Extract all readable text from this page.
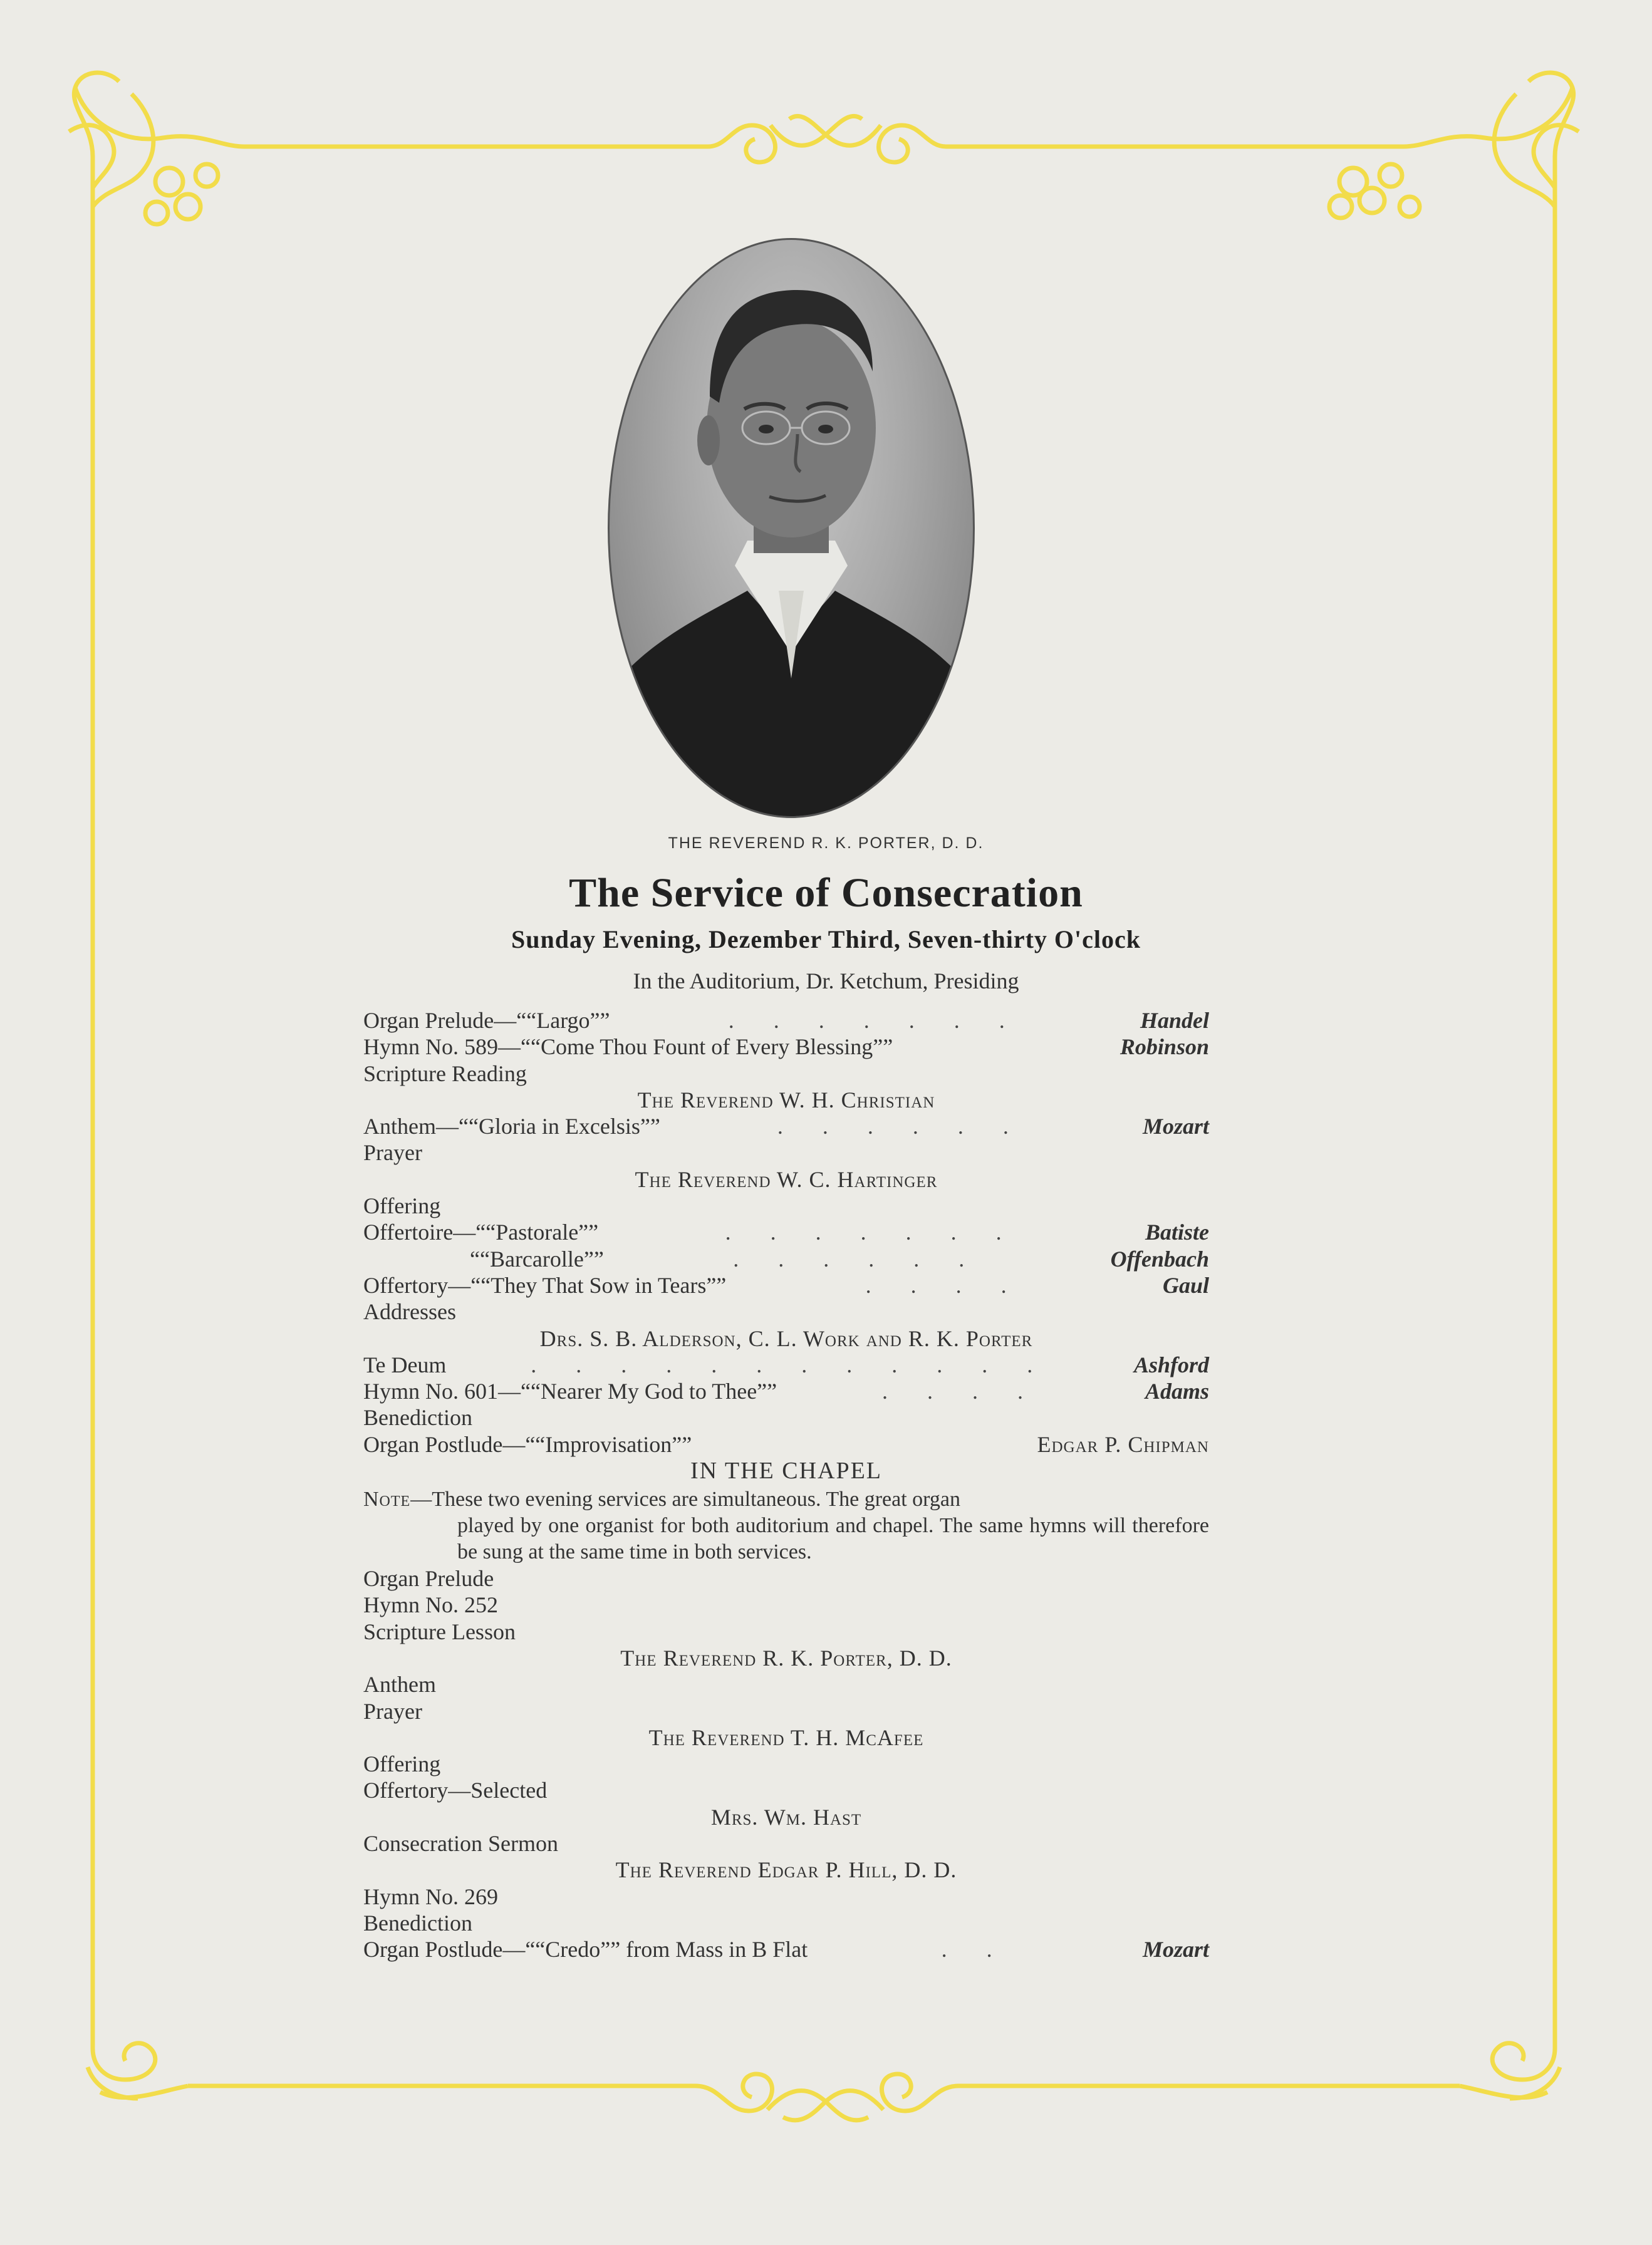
THE REVEREND R. K. PORTER, D. D.
The Service of Consecration
Sunday Evening, Dezember Third, Seven-thirty O'clock
In the Auditorium, Dr. Ketchum, Presiding
Organ Prelude—““Largo””	. . . . . . .	Handel
Hymn No. 589—““Come Thou Fount of Every Blessing””	Robinson
Scripture Reading
The Reverend W. H. Christian
Anthem—““Gloria in Excelsis””	. . . . . .	Mozart
Prayer
The Reverend W. C. Hartinger
Offering
Offertoire—““Pastorale””	. . . . . . .	Batiste
““Barcarolle””	. . . . . .	Offenbach
Offertory—““They That Sow in Tears””	. . . .	Gaul
Addresses
Drs. S. B. Alderson, C. L. Work and R. K. Porter
Te Deum	. . . . . . . . . . . .	Ashford
Hymn No. 601—““Nearer My God to Thee””	. . . .	Adams
Benediction
Organ Postlude—““Improvisation””	Edgar P. Chipman
IN THE CHAPEL
Note—These two evening services are simultaneous. The great organ
played by one organist for both auditorium and chapel. The same hymns will therefore be sung at the same time in both services.
Organ Prelude
Hymn No. 252
Scripture Lesson
The Reverend R. K. Porter, D. D.
Anthem
Prayer
The Reverend T. H. McAfee
Offering
Offertory—Selected
Mrs. Wm. Hast
Consecration Sermon
The Reverend Edgar P. Hill, D. D.
Hymn No. 269
Benediction
Organ Postlude—““Credo”” from Mass in B Flat	. .	Mozart
